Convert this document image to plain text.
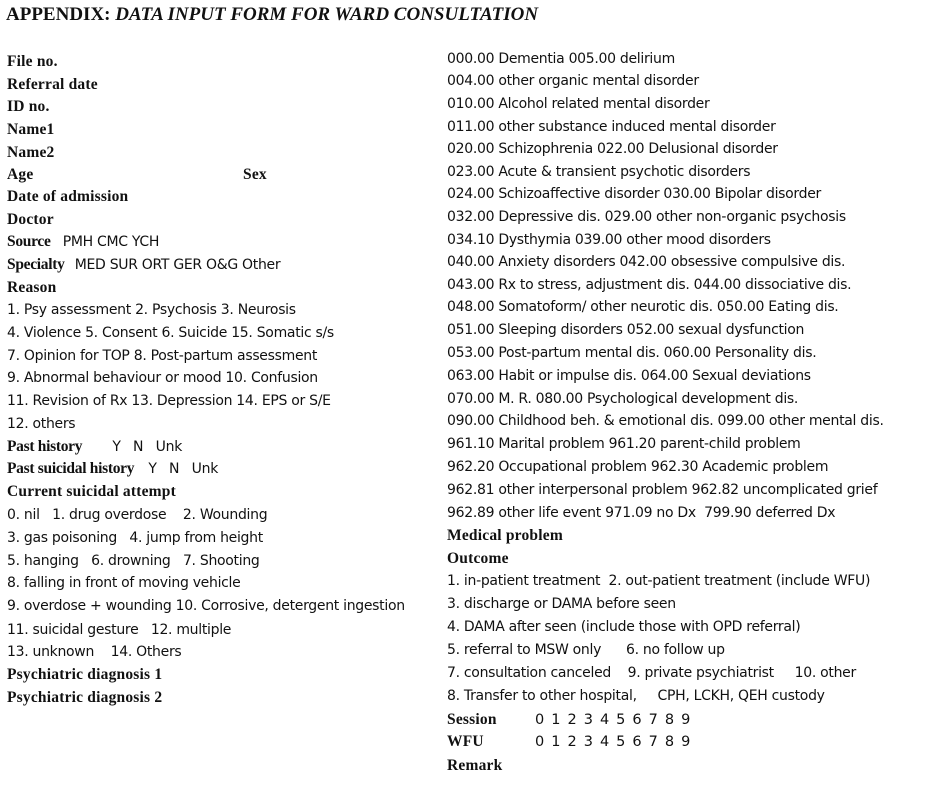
APPENDIX: DATA INPUT FORM FOR WARD CONSULTATION
File no.
Referral date
ID no.
Name1
Name2
Age	Sex
Date of admission
Doctor
Source PMH CMC YCH
Specialty MED SUR ORT GER O&G Other
Reason
1. Psy assessment 2. Psychosis 3. Neurosis
4. Violence 5. Consent 6. Suicide 15. Somatic s/s
7. Opinion for TOP 8. Post-partum assessment
9. Abnormal behaviour or mood 10. Confusion
11. Revision of Rx 13. Depression 14. EPS or S/E
12. others
Past history Y   N   Unk
Past suicidal history Y   N   Unk
Current suicidal attempt
0. nil   1. drug overdose    2. Wounding
3. gas poisoning   4. jump from height
5. hanging   6. drowning   7. Shooting
8. falling in front of moving vehicle
9. overdose + wounding 10. Corrosive, detergent ingestion
11. suicidal gesture   12. multiple
13. unknown    14. Others
Psychiatric diagnosis 1
Psychiatric diagnosis 2
000.00 Dementia 005.00 delirium
004.00 other organic mental disorder
010.00 Alcohol related mental disorder
011.00 other substance induced mental disorder
020.00 Schizophrenia 022.00 Delusional disorder
023.00 Acute & transient psychotic disorders
024.00 Schizoaffective disorder 030.00 Bipolar disorder
032.00 Depressive dis. 029.00 other non-organic psychosis
034.10 Dysthymia 039.00 other mood disorders
040.00 Anxiety disorders 042.00 obsessive compulsive dis.
043.00 Rx to stress, adjustment dis. 044.00 dissociative dis.
048.00 Somatoform/ other neurotic dis. 050.00 Eating dis.
051.00 Sleeping disorders 052.00 sexual dysfunction
053.00 Post-partum mental dis. 060.00 Personality dis.
063.00 Habit or impulse dis. 064.00 Sexual deviations
070.00 M. R. 080.00 Psychological development dis.
090.00 Childhood beh. & emotional dis. 099.00 other mental dis.
961.10 Marital problem 961.20 parent-child problem
962.20 Occupational problem 962.30 Academic problem
962.81 other interpersonal problem 962.82 uncomplicated grief
962.89 other life event 971.09 no Dx  799.90 deferred Dx
Medical problem
Outcome
1. in-patient treatment  2. out-patient treatment (include WFU)
3. discharge or DAMA before seen
4. DAMA after seen (include those with OPD referral)
5. referral to MSW only      6. no follow up
7. consultation canceled    9. private psychiatrist     10. other
8. Transfer to other hospital,     CPH, LCKH, QEH custody
Session	0 1 2 3 4 5 6 7 8 9
WFU	0 1 2 3 4 5 6 7 8 9
Remark
